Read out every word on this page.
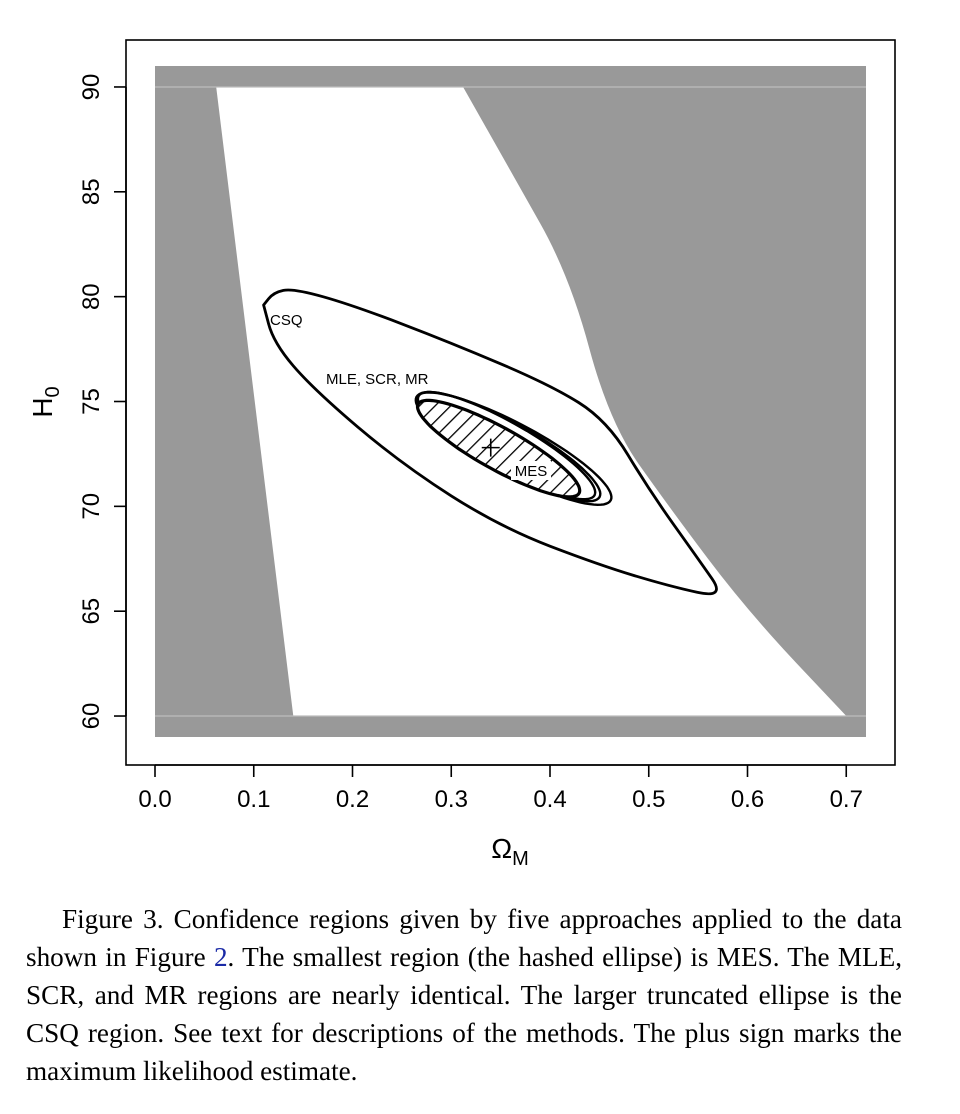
CSQ
MLE, SCR, MR
MES
0.0	0.1	0.2	0.3	0.4	0.5	0.6	0.7
60
65
70
75
80
85
90
$\Omega_M$
$H_0$

Figure 3. Confidence regions given by five approaches applied to the data shown in Figure 2. The smallest region (the hashed ellipse) is MES. The MLE, SCR, and MR regions are nearly identical. The larger truncated ellipse is the CSQ region. See text for descriptions of the methods. The plus sign marks the maximum likelihood estimate.
